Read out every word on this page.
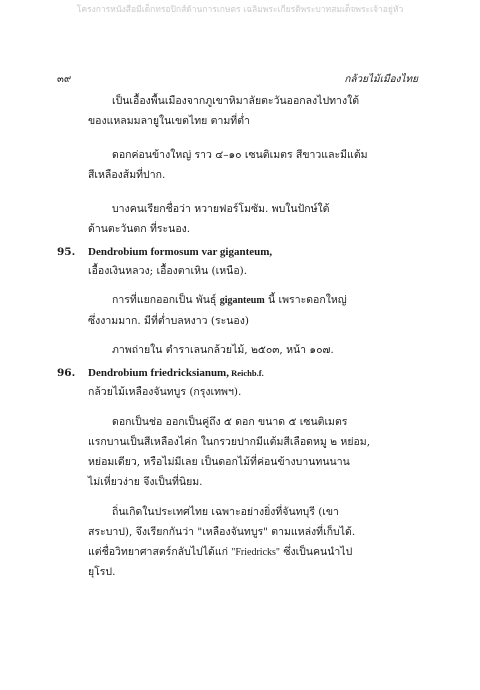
โครงการหนังสือมีเด็กทรอปิกส์ด้านการเกษตร เฉลิมพระเกียรติพระบาทสมเด็จพระเจ้าอยู่หัว
๓๙	กล้วยไม้เมืองไทย
เป็นเอื้องพื้นเมืองจากภูเขาหิมาลัยตะวันออกลงไปทางใต้
ของแหลมมลายูในเขตไทย ตามที่ต่ำ
ดอกค่อนข้างใหญ่ ราว ๔–๑๐ เซนติเมตร สีขาวและมีแต้ม
สีเหลืองส้มที่ปาก.
บางคนเรียกชื่อว่า หวายฟอร์โมซัม. พบในปักษ์ใต้
ด้านตะวันตก ที่ระนอง.
95. Dendrobium formosum var giganteum,
เอื้องเงินหลวง; เอื้องตาเหิน (เหนือ).
การที่แยกออกเป็น พันธุ์ giganteum นี้ เพราะดอกใหญ่
ซึ่งงามมาก. มีที่ต่ำบลหงาว (ระนอง)
ภาพถ่ายใน ตำราเลนกล้วยไม้, ๒๕๐๓, หน้า ๑๐๗.
96. Dendrobium friedricksianum, Reichb.f.
กล้วยไม้เหลืองจันทบูร (กรุงเทพฯ).
ดอกเป็นช่อ ออกเป็นคู่ถึง ๕ ดอก ขนาด ๕ เซนติเมตร
แรกบานเป็นสีเหลืองไค่ก ในกรวยปากมีแต้มสีเลือดหมู ๒ หย่อม,
หย่อมเดียว, หรือไม่มีเลย เป็นดอกไม้ที่ค่อนข้างบานทนนาน
ไม่เหี่ยวง่าย จึงเป็นที่นิยม.
ถิ่นเกิดในประเทศไทย เฉพาะอย่างยิ่งที่จันทบุรี (เขา
สระบาป), จึงเรียกกันว่า "เหลืองจันทบูร" ตามแหล่งที่เก็บได้.
แต่ชื่อวิทยาศาสตร์กลับไปได้แก่ "Friedricks" ซึ่งเป็นคนนำไป
ยุโรป.
